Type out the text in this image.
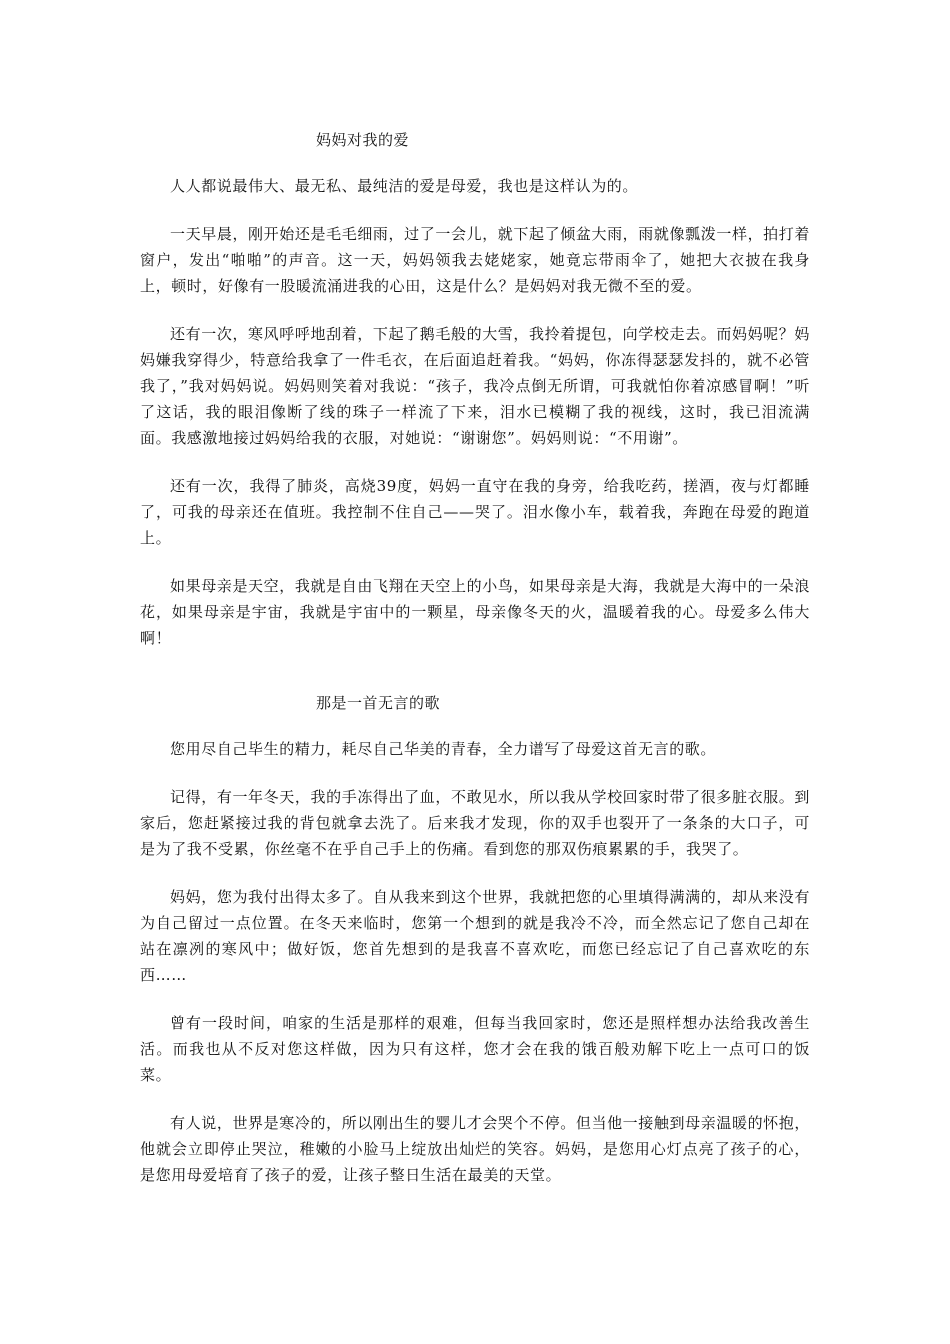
妈妈对我的爱

人人都说最伟大、最无私、最纯洁的爱是母爱，我也是这样认为的。

一天早晨，刚开始还是毛毛细雨，过了一会儿，就下起了倾盆大雨，雨就像瓢泼一样，拍打着窗户，发出“啪啪”的声音。这一天，妈妈领我去姥姥家，她竟忘带雨伞了，她把大衣披在我身上，顿时，好像有一股暖流涌进我的心田，这是什么？是妈妈对我无微不至的爱。

还有一次，寒风呼呼地刮着，下起了鹅毛般的大雪，我拎着提包，向学校走去。而妈妈呢？妈妈嫌我穿得少，特意给我拿了一件毛衣，在后面追赶着我。“妈妈，你冻得瑟瑟发抖的，就不必管我了，”我对妈妈说。妈妈则笑着对我说：“孩子，我冷点倒无所谓，可我就怕你着凉感冒啊！”听了这话，我的眼泪像断了线的珠子一样流了下来，泪水已模糊了我的视线，这时，我已泪流满面。我感激地接过妈妈给我的衣服，对她说：“谢谢您”。妈妈则说：“不用谢”。

还有一次，我得了肺炎，高烧39度，妈妈一直守在我的身旁，给我吃药，搓酒，夜与灯都睡了，可我的母亲还在值班。我控制不住自己——哭了。泪水像小车，载着我，奔跑在母爱的跑道上。

如果母亲是天空，我就是自由飞翔在天空上的小鸟，如果母亲是大海，我就是大海中的一朵浪花，如果母亲是宇宙，我就是宇宙中的一颗星，母亲像冬天的火，温暖着我的心。母爱多么伟大啊！

那是一首无言的歌

您用尽自己毕生的精力，耗尽自己华美的青春，全力谱写了母爱这首无言的歌。

记得，有一年冬天，我的手冻得出了血，不敢见水，所以我从学校回家时带了很多脏衣服。到家后，您赶紧接过我的背包就拿去洗了。后来我才发现，你的双手也裂开了一条条的大口子，可是为了我不受累，你丝毫不在乎自己手上的伤痛。看到您的那双伤痕累累的手，我哭了。

妈妈，您为我付出得太多了。自从我来到这个世界，我就把您的心里填得满满的，却从来没有为自己留过一点位置。在冬天来临时，您第一个想到的就是我冷不冷，而全然忘记了您自己却在站在凛冽的寒风中；做好饭，您首先想到的是我喜不喜欢吃，而您已经忘记了自己喜欢吃的东西……

曾有一段时间，咱家的生活是那样的艰难，但每当我回家时，您还是照样想办法给我改善生活。而我也从不反对您这样做，因为只有这样，您才会在我的饿百般劝解下吃上一点可口的饭菜。

有人说，世界是寒冷的，所以刚出生的婴儿才会哭个不停。但当他一接触到母亲温暖的怀抱，他就会立即停止哭泣，稚嫩的小脸马上绽放出灿烂的笑容。妈妈，是您用心灯点亮了孩子的心，是您用母爱培育了孩子的爱，让孩子整日生活在最美的天堂。
